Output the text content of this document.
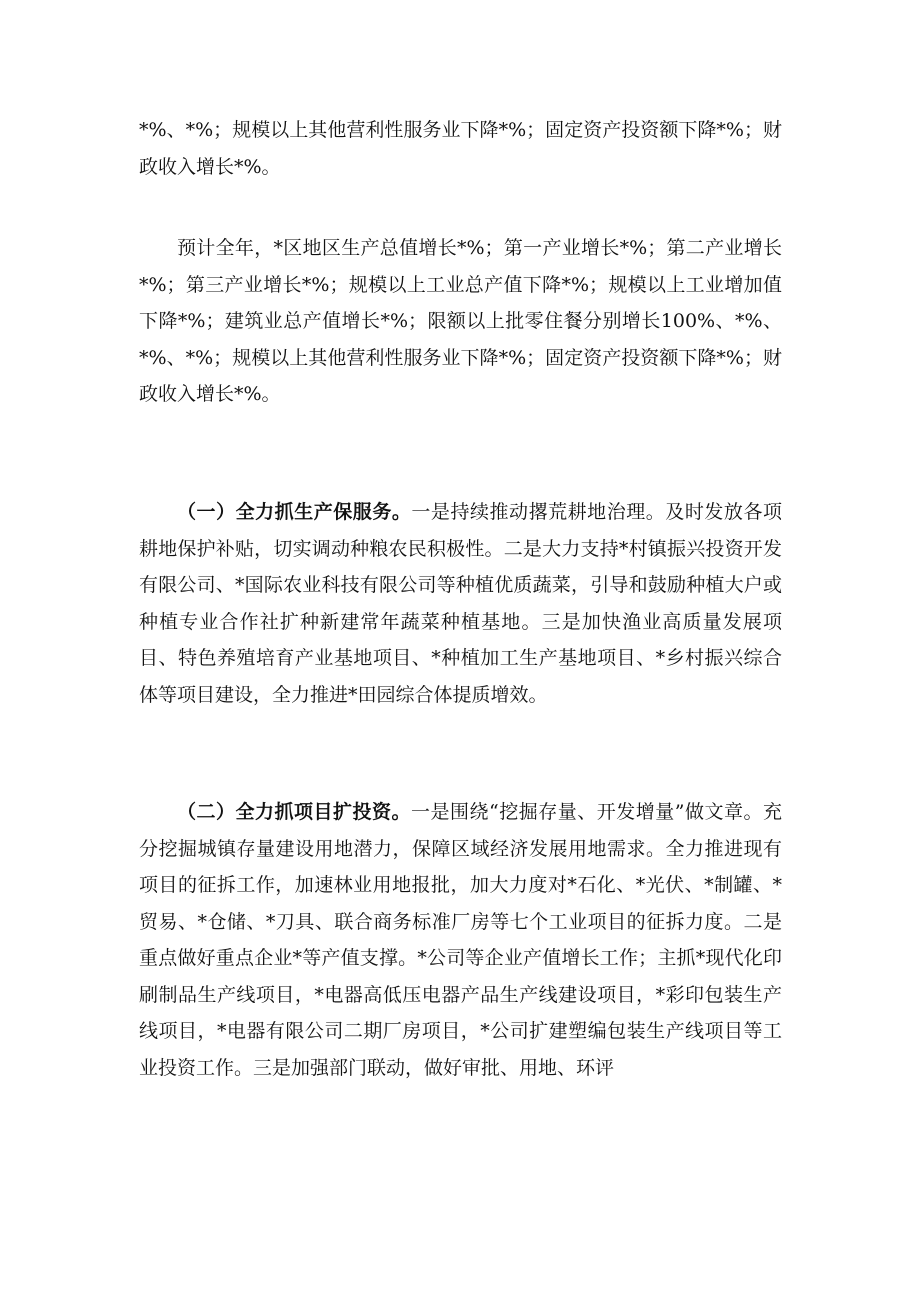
*%、*%；规模以上其他营利性服务业下降*%；固定资产投资额下降*%；财政收入增长*%。

预计全年，*区地区生产总值增长*%；第一产业增长*%；第二产业增长*%；第三产业增长*%；规模以上工业总产值下降*%；规模以上工业增加值下降*%；建筑业总产值增长*%；限额以上批零住餐分别增长100%、*%、*%、*%；规模以上其他营利性服务业下降*%；固定资产投资额下降*%；财政收入增长*%。

（一）全力抓生产保服务。一是持续推动撂荒耕地治理。及时发放各项耕地保护补贴，切实调动种粮农民积极性。二是大力支持*村镇振兴投资开发有限公司、*国际农业科技有限公司等种植优质蔬菜，引导和鼓励种植大户或种植专业合作社扩种新建常年蔬菜种植基地。三是加快渔业高质量发展项目、特色养殖培育产业基地项目、*种植加工生产基地项目、*乡村振兴综合体等项目建设，全力推进*田园综合体提质增效。

（二）全力抓项目扩投资。一是围绕“挖掘存量、开发增量”做文章。充分挖掘城镇存量建设用地潜力，保障区域经济发展用地需求。全力推进现有项目的征拆工作，加速林业用地报批，加大力度对*石化、*光伏、*制罐、*贸易、*仓储、*刀具、联合商务标准厂房等七个工业项目的征拆力度。二是重点做好重点企业*等产值支撑。*公司等企业产值增长工作；主抓*现代化印刷制品生产线项目，*电器高低压电器产品生产线建设项目，*彩印包装生产线项目，*电器有限公司二期厂房项目，*公司扩建塑编包装生产线项目等工业投资工作。三是加强部门联动，做好审批、用地、环评
